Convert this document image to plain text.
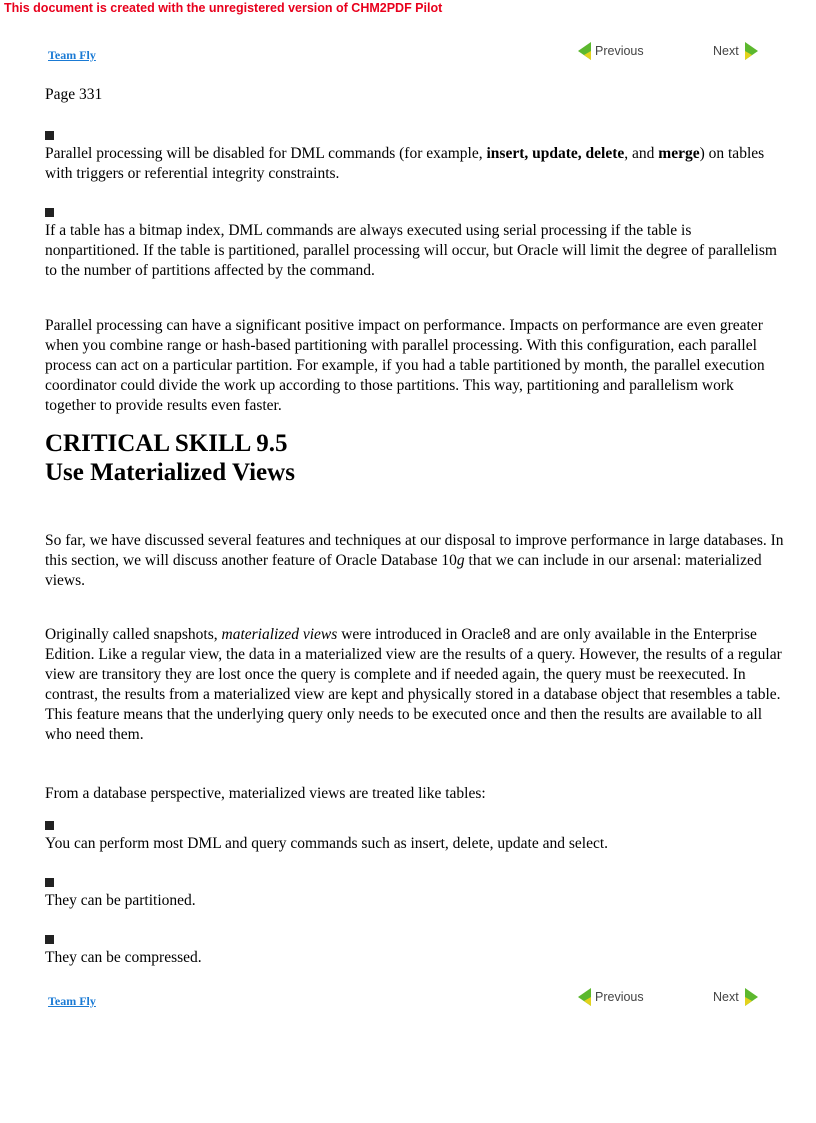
This document is created with the unregistered version of CHM2PDF Pilot
Team Fly	Previous	Next

Page 331

Parallel processing will be disabled for DML commands (for example, insert, update, delete, and merge) on tables with triggers or referential integrity constraints.

If a table has a bitmap index, DML commands are always executed using serial processing if the table is nonpartitioned. If the table is partitioned, parallel processing will occur, but Oracle will limit the degree of parallelism to the number of partitions affected by the command.

Parallel processing can have a significant positive impact on performance. Impacts on performance are even greater when you combine range or hash-based partitioning with parallel processing. With this configuration, each parallel process can act on a particular partition. For example, if you had a table partitioned by month, the parallel execution coordinator could divide the work up according to those partitions. This way, partitioning and parallelism work together to provide results even faster.

CRITICAL SKILL 9.5
Use Materialized Views

So far, we have discussed several features and techniques at our disposal to improve performance in large databases. In this section, we will discuss another feature of Oracle Database 10g that we can include in our arsenal: materialized views.

Originally called snapshots, materialized views were introduced in Oracle8 and are only available in the Enterprise Edition. Like a regular view, the data in a materialized view are the results of a query. However, the results of a regular view are transitory they are lost once the query is complete and if needed again, the query must be reexecuted. In contrast, the results from a materialized view are kept and physically stored in a database object that resembles a table. This feature means that the underlying query only needs to be executed once and then the results are available to all who need them.

From a database perspective, materialized views are treated like tables:

You can perform most DML and query commands such as insert, delete, update and select.

They can be partitioned.

They can be compressed.

Team Fly	Previous	Next
